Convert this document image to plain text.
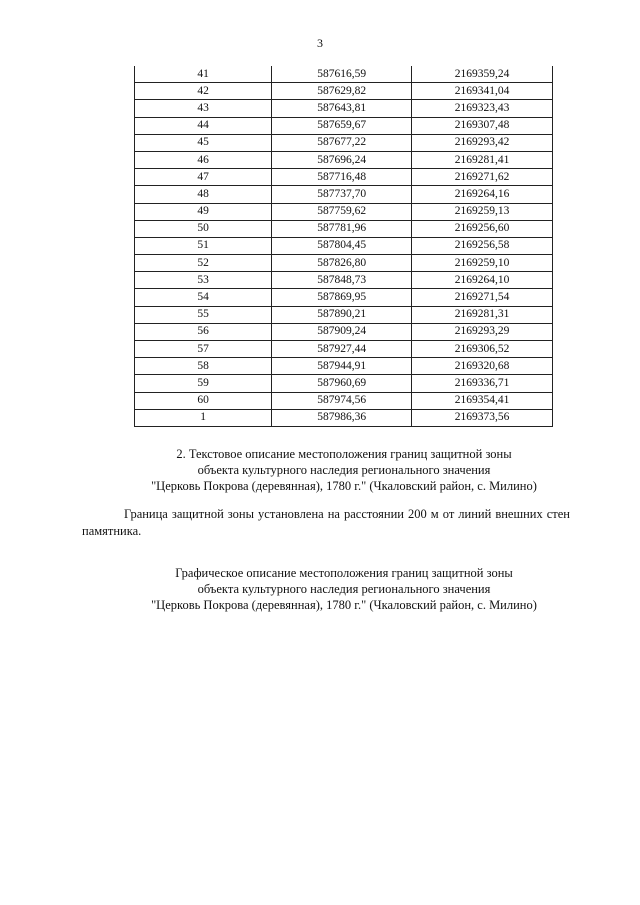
3
41	587616,59	2169359,24
42	587629,82	2169341,04
43	587643,81	2169323,43
44	587659,67	2169307,48
45	587677,22	2169293,42
46	587696,24	2169281,41
47	587716,48	2169271,62
48	587737,70	2169264,16
49	587759,62	2169259,13
50	587781,96	2169256,60
51	587804,45	2169256,58
52	587826,80	2169259,10
53	587848,73	2169264,10
54	587869,95	2169271,54
55	587890,21	2169281,31
56	587909,24	2169293,29
57	587927,44	2169306,52
58	587944,91	2169320,68
59	587960,69	2169336,71
60	587974,56	2169354,41
1	587986,36	2169373,56
2. Текстовое описание местоположения границ защитной зоны
объекта культурного наследия регионального значения
"Церковь Покрова (деревянная), 1780 г." (Чкаловский район, с. Милино)
Граница защитной зоны установлена на расстоянии 200 м от линий внешних стен памятника.
Графическое описание местоположения границ защитной зоны
объекта культурного наследия регионального значения
"Церковь Покрова (деревянная), 1780 г." (Чкаловский район, с. Милино)
